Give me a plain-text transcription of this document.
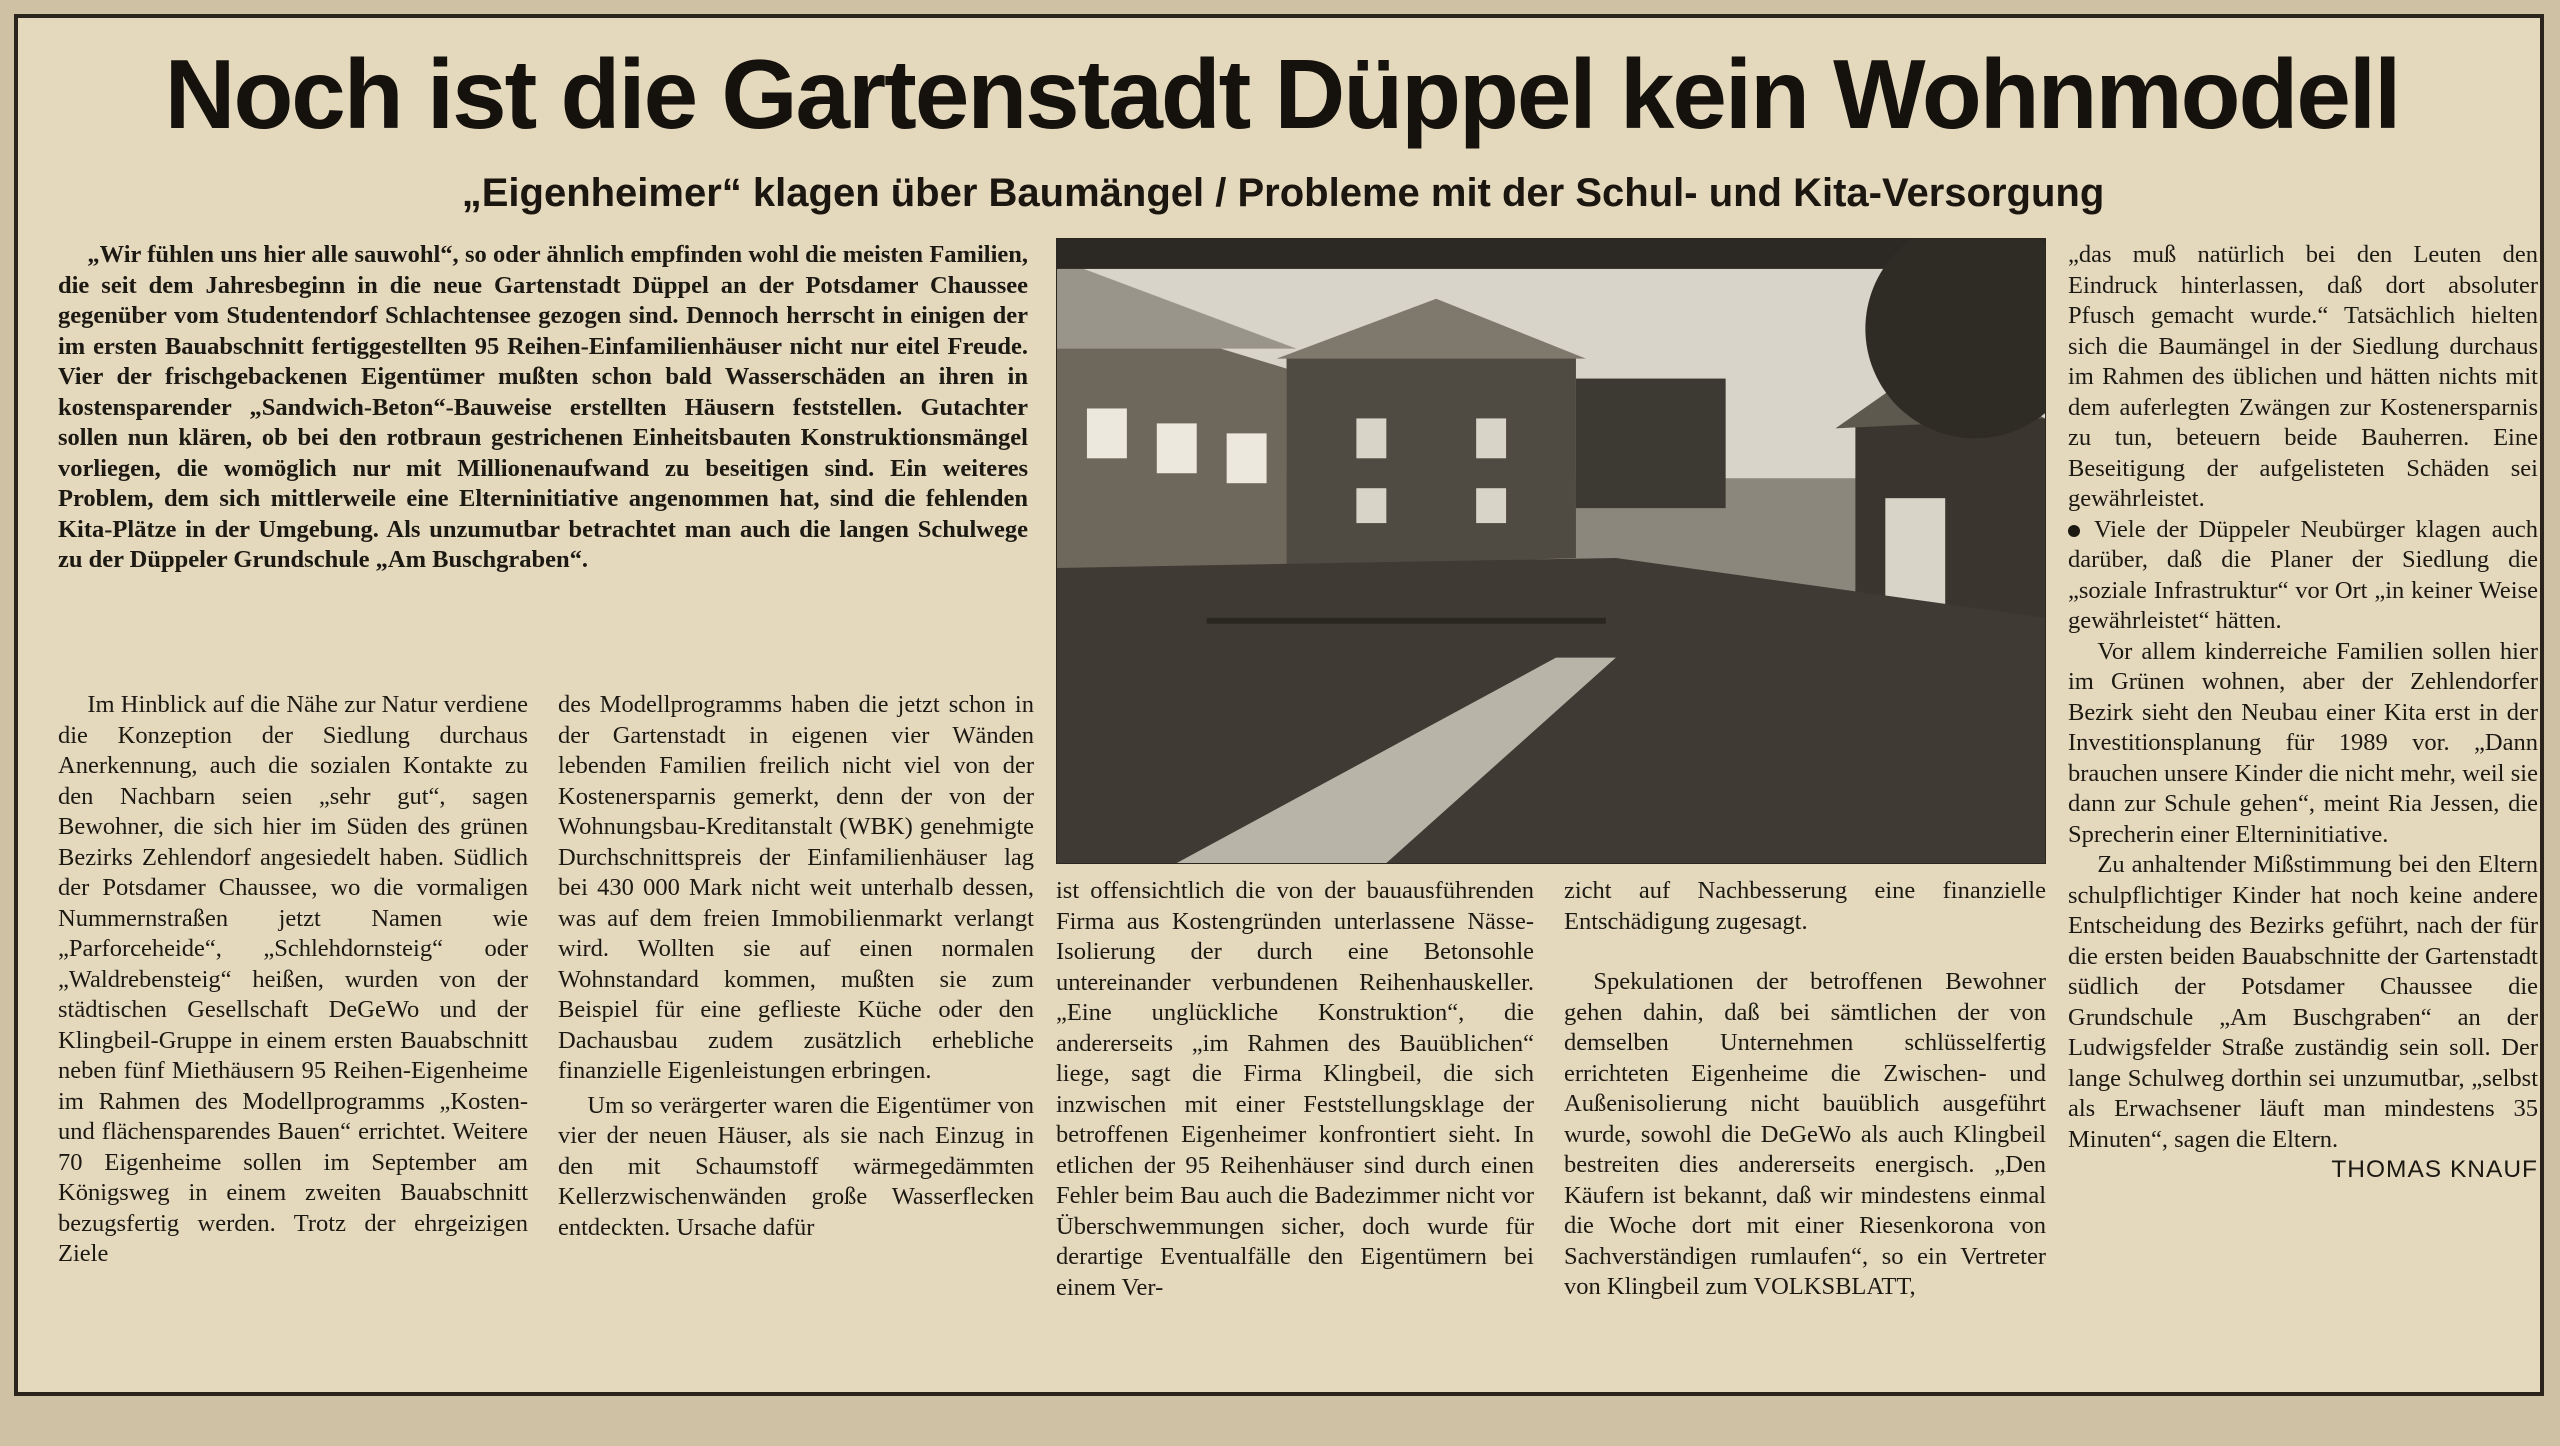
Noch ist die Gartenstadt Düppel kein Wohnmodell
„Eigenheimer“ klagen über Baumängel / Probleme mit der Schul- und Kita-Versorgung
„Wir fühlen uns hier alle sauwohl“, so oder ähnlich empfinden wohl die meisten Familien, die seit dem Jahresbeginn in die neue Gartenstadt Düppel an der Potsdamer Chaussee gegenüber vom Studentendorf Schlachtensee gezogen sind. Dennoch herrscht in einigen der im ersten Bauabschnitt fertiggestellten 95 Reihen-Einfamilienhäuser nicht nur eitel Freude. Vier der frischgebackenen Eigentümer mußten schon bald Wasserschäden an ihren in kostensparender „Sandwich-Beton“-Bauweise erstellten Häusern feststellen. Gutachter sollen nun klären, ob bei den rotbraun gestrichenen Einheitsbauten Konstruktionsmängel vorliegen, die womöglich nur mit Millionenaufwand zu beseitigen sind. Ein weiteres Problem, dem sich mittlerweile eine Elterninitiative angenommen hat, sind die fehlenden Kita-Plätze in der Umgebung. Als unzumutbar betrachtet man auch die langen Schulwege zu der Düppeler Grundschule „Am Buschgraben“.

Im Hinblick auf die Nähe zur Natur verdiene die Konzeption der Siedlung durchaus Anerkennung, auch die sozialen Kontakte zu den Nachbarn seien „sehr gut“, sagen Bewohner, die sich hier im Süden des grünen Bezirks Zehlendorf angesiedelt haben. Südlich der Potsdamer Chaussee, wo die vormaligen Nummernstraßen jetzt Namen wie „Parforceheide“, „Schlehdornsteig“ oder „Waldrebensteig“ heißen, wurden von der städtischen Gesellschaft DeGeWo und der Klingbeil-Gruppe in einem ersten Bauabschnitt neben fünf Miethäusern 95 Reihen-Eigenheime im Rahmen des Modellprogramms „Kosten- und flächensparendes Bauen“ errichtet. Weitere 70 Eigenheime sollen im September am Königsweg in einem zweiten Bauabschnitt bezugsfertig werden. Trotz der ehrgeizigen Ziele

des Modellprogramms haben die jetzt schon in der Gartenstadt in eigenen vier Wänden lebenden Familien freilich nicht viel von der Kostenersparnis gemerkt, denn der von der Wohnungsbau-Kreditanstalt (WBK) genehmigte Durchschnittspreis der Einfamilienhäuser lag bei 430 000 Mark nicht weit unterhalb dessen, was auf dem freien Immobilienmarkt verlangt wird. Wollten sie auf einen normalen Wohnstandard kommen, mußten sie zum Beispiel für eine geflieste Küche oder den Dachausbau zudem zusätzlich erhebliche finanzielle Eigenleistungen erbringen.

Um so verärgerter waren die Eigentümer von vier der neuen Häuser, als sie nach Einzug in den mit Schaumstoff wärmegedämmten Kellerzwischenwänden große Wasserflecken entdeckten. Ursache dafür

ist offensichtlich die von der bauausführenden Firma aus Kostengründen unterlassene Nässe-Isolierung der durch eine Betonsohle untereinander verbundenen Reihenhauskeller. „Eine unglückliche Konstruktion“, die andererseits „im Rahmen des Bauüblichen“ liege, sagt die Firma Klingbeil, die sich inzwischen mit einer Feststellungsklage der betroffenen Eigenheimer konfrontiert sieht. In etlichen der 95 Reihenhäuser sind durch einen Fehler beim Bau auch die Badezimmer nicht vor Überschwemmungen sicher, doch wurde für derartige Eventualfälle den Eigentümern bei einem Ver-

zicht auf Nachbesserung eine finanzielle Entschädigung zugesagt.

Spekulationen der betroffenen Bewohner gehen dahin, daß bei sämtlichen der von demselben Unternehmen schlüsselfertig errichteten Eigenheime die Zwischen- und Außenisolierung nicht bauüblich ausgeführt wurde, sowohl die DeGeWo als auch Klingbeil bestreiten dies andererseits energisch. „Den Käufern ist bekannt, daß wir mindestens einmal die Woche dort mit einer Riesenkorona von Sachverständigen rumlaufen“, so ein Vertreter von Klingbeil zum VOLKSBLATT,

„das muß natürlich bei den Leuten den Eindruck hinterlassen, daß dort absoluter Pfusch gemacht wurde.“ Tatsächlich hielten sich die Baumängel in der Siedlung durchaus im Rahmen des üblichen und hätten nichts mit dem auferlegten Zwängen zur Kostenersparnis zu tun, beteuern beide Bauherren. Eine Beseitigung der aufgelisteten Schäden sei gewährleistet.

Viele der Düppeler Neubürger klagen auch darüber, daß die Planer der Siedlung die „soziale Infrastruktur“ vor Ort „in keiner Weise gewährleistet“ hätten.

Vor allem kinderreiche Familien sollen hier im Grünen wohnen, aber der Zehlendorfer Bezirk sieht den Neubau einer Kita erst in der Investitionsplanung für 1989 vor. „Dann brauchen unsere Kinder die nicht mehr, weil sie dann zur Schule gehen“, meint Ria Jessen, die Sprecherin einer Elterninitiative.

Zu anhaltender Mißstimmung bei den Eltern schulpflichtiger Kinder hat noch keine andere Entscheidung des Bezirks geführt, nach der für die ersten beiden Bauabschnitte der Gartenstadt südlich der Potsdamer Chaussee die Grundschule „Am Buschgraben“ an der Ludwigsfelder Straße zuständig sein soll. Der lange Schulweg dorthin sei unzumutbar, „selbst als Erwachsener läuft man mindestens 35 Minuten“, sagen die Eltern.

THOMAS KNAUF
